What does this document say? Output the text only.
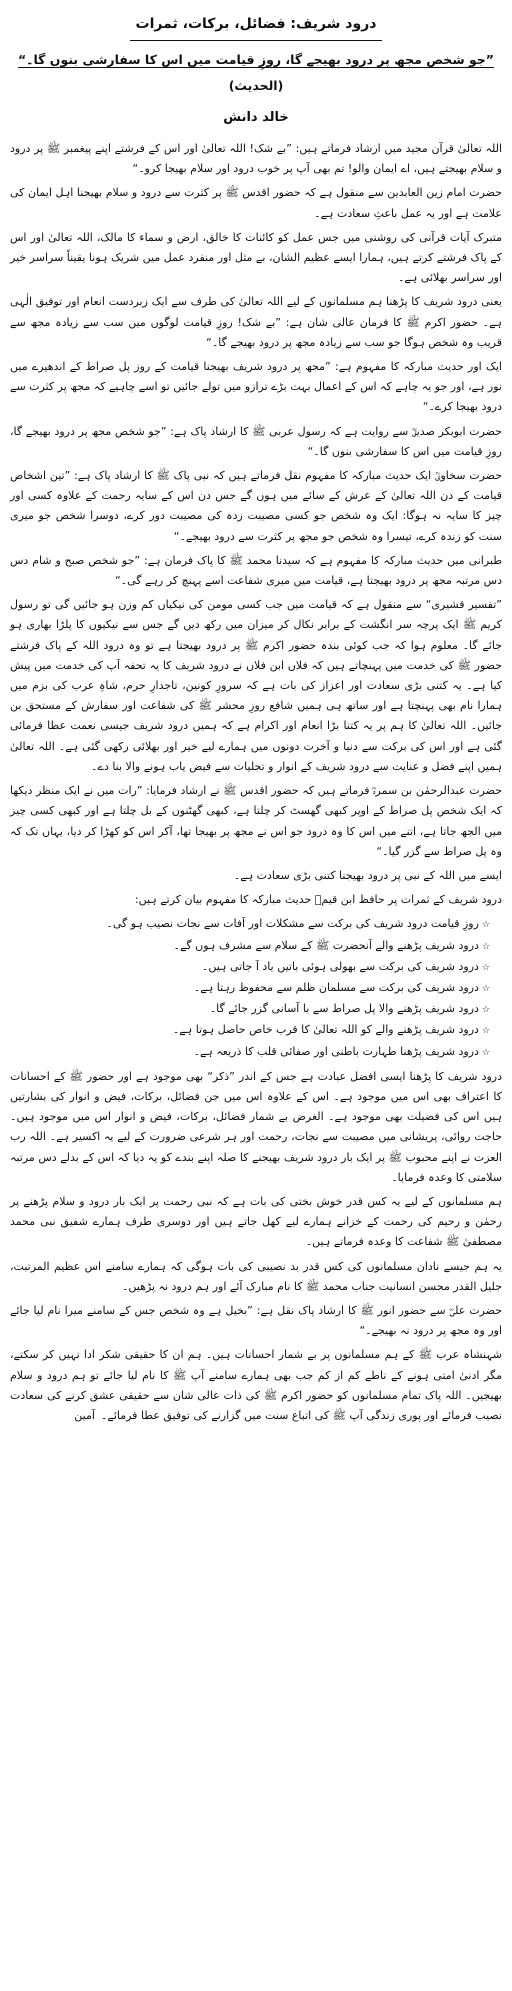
درود شریف: فضائل، برکات، ثمرات
”جو شخص مجھ پر درود بھیجے گا، روزِ قیامت میں اس کا سفارشی بنوں گا۔“ (الحدیث)
خالد دانش

اللہ تعالیٰ قرآن مجید میں ارشاد فرماتے ہیں: ”بے شک! اللہ تعالیٰ اور اس کے فرشتے اپنے پیغمبر ﷺ پر درود و سلام بھیجتے ہیں، اے ایمان والو! تم بھی آپ پر خوب درود اور سلام بھیجا کرو۔“

حضرت امام زین العابدین سے منقول ہے کہ حضور اقدس ﷺ پر کثرت سے درود و سلام بھیجنا اہل ایمان کی علامت ہے اور یہ عمل باعثِ سعادت ہے۔

متبرک آیات قرآنی کی روشنی میں جس عمل کو کائنات کا خالق، ارض و سماء کا مالک، اللہ تعالیٰ اور اس کے پاک فرشتے کرتے ہیں، ہمارا ایسے عظیم الشان، بے مثل اور منفرد عمل میں شریک ہونا یقیناً سراسر خیر اور سراسر بھلائی ہے۔

یعنی درود شریف کا پڑھنا ہم مسلمانوں کے لیے اللہ تعالیٰ کی طرف سے ایک زبردست انعام اور توفیق الٰہی ہے۔ حضور اکرم ﷺ کا فرمان عالی شان ہے: ”بے شک! روزِ قیامت لوگوں میں سب سے زیادہ مجھ سے قریب وہ شخص ہوگا جو سب سے زیادہ مجھ پر درود بھیجے گا۔“

ایک اور حدیث مبارکہ کا مفہوم ہے: ”مجھ پر درود شریف بھیجنا قیامت کے روز پل صراط کے اندھیرے میں نور ہے، اور جو یہ چاہے کہ اس کے اعمال بہت بڑے ترازو میں تولے جائیں تو اسے چاہیے کہ مجھ پر کثرت سے درود بھیجا کرے۔“

حضرت ابوبکر صدیقؓ سے روایت ہے کہ رسول عربی ﷺ کا ارشاد پاک ہے: ”جو شخص مجھ پر درود بھیجے گا، روزِ قیامت میں اس کا سفارشی بنوں گا۔“

حضرت سخاویؒ ایک حدیث مبارکہ کا مفہوم نقل فرماتے ہیں کہ نبی پاک ﷺ کا ارشاد پاک ہے: ”تین اشخاص قیامت کے دن اللہ تعالیٰ کے عرش کے سائے میں ہوں گے جس دن اس کے سایہ رحمت کے علاوہ کسی اور چیز کا سایہ نہ ہوگا: ایک وہ شخص جو کسی مصیبت زدہ کی مصیبت دور کرے، دوسرا شخص جو میری سنت کو زندہ کرے، تیسرا وہ شخص جو مجھ پر کثرت سے درود بھیجے۔“

طبرانی میں حدیث مبارکہ کا مفہوم ہے کہ سیدنا محمد ﷺ کا پاک فرمان ہے: ”جو شخص صبح و شام دس دس مرتبہ مجھ پر درود بھیجتا ہے، قیامت میں میری شفاعت اسے پہنچ کر رہے گی۔“

”تفسیر قشیری“ سے منقول ہے کہ قیامت میں جب کسی مومن کی نیکیاں کم وزن ہو جائیں گی تو رسول کریم ﷺ ایک پرچہ سر انگشت کے برابر نکال کر میزان میں رکھ دیں گے جس سے نیکیوں کا پلڑا بھاری ہو جائے گا۔ معلوم ہوا کہ جب کوئی بندہ حضور اکرم ﷺ پر درود بھیجتا ہے تو وہ درود اللہ کے پاک فرشتے حضور ﷺ کی خدمت میں پہنچاتے ہیں کہ فلاں ابن فلاں نے درود شریف کا یہ تحفہ آپ کی خدمت میں پیش کیا ہے۔ یہ کتنی بڑی سعادت اور اعزاز کی بات ہے کہ سرورِ کونین، تاجدارِ حرم، شاہِ عرب کی بزم میں ہمارا نام بھی پہنچتا ہے اور ساتھ ہی ہمیں شافع روزِ محشر ﷺ کی شفاعت اور سفارش کے مستحق بن جائیں۔ اللہ تعالیٰ کا ہم پر یہ کتنا بڑا انعام اور اکرام ہے کہ ہمیں درود شریف جیسی نعمت عطا فرمائی گئی ہے اور اس کی برکت سے دنیا و آخرت دونوں میں ہمارے لیے خیر اور بھلائی رکھی گئی ہے۔ اللہ تعالیٰ ہمیں اپنے فضل و عنایت سے درود شریف کے انوار و تجلیات سے فیض یاب ہونے والا بنا دے۔

حضرت عبدالرحمٰن بن سمرہؓ فرماتے ہیں کہ حضور اقدس ﷺ نے ارشاد فرمایا: ”رات میں نے ایک منظر دیکھا کہ ایک شخص پل صراط کے اوپر کبھی گھسٹ کر چلتا ہے، کبھی گھٹنوں کے بل چلتا ہے اور کبھی کسی چیز میں الجھ جاتا ہے، اتنے میں اس کا وہ درود جو اس نے مجھ پر بھیجا تھا، آکر اس کو کھڑا کر دیا، یہاں تک کہ وہ پل صراط سے گزر گیا۔“

ایسے میں اللہ کے نبی پر درود بھیجنا کتنی بڑی سعادت ہے۔

درود شریف کے ثمرات پر حافظ ابن قیمؒ حدیث مبارکہ کا مفہوم بیان کرتے ہیں:

☆روزِ قیامت درود شریف کی برکت سے مشکلات اور آفات سے نجات نصیب ہو گی۔
☆درود شریف پڑھنے والے آنحضرت ﷺ کے سلام سے مشرف ہوں گے۔
☆درود شریف کی برکت سے بھولی ہوئی باتیں یاد آ جاتی ہیں۔
☆درود شریف کی برکت سے مسلمان ظلم سے محفوظ رہتا ہے۔
☆درود شریف پڑھنے والا پل صراط سے با آسانی گزر جائے گا۔
☆درود شریف پڑھنے والے کو اللہ تعالیٰ کا قرب خاص حاصل ہوتا ہے۔
☆درود شریف پڑھنا طہارت باطنی اور صفائی قلب کا ذریعہ ہے۔

درود شریف کا پڑھنا ایسی افضل عبادت ہے جس کے اندر ”ذکر“ بھی موجود ہے اور حضور ﷺ کے احسانات کا اعتراف بھی اس میں موجود ہے۔ اس کے علاوہ اس میں جن فضائل، برکات، فیض و انوار کی بشارتیں ہیں اس کی فضیلت بھی موجود ہے۔ الغرض بے شمار فضائل، برکات، فیض و انوار اس میں موجود ہیں۔ حاجت روائی، پریشانی میں مصیبت سے نجات، رحمت اور ہر شرعی ضرورت کے لیے یہ اکسیر ہے۔ اللہ رب العزت نے اپنے محبوب ﷺ پر ایک بار درود شریف بھیجنے کا صلہ اپنے بندے کو یہ دیا کہ اس کے بدلے دس مرتبہ سلامتی کا وعدہ فرمایا۔

ہم مسلمانوں کے لیے یہ کس قدر خوش بختی کی بات ہے کہ نبی رحمت پر ایک بار درود و سلام پڑھنے پر رحمٰن و رحیم کی رحمت کے خزانے ہمارے لیے کھل جاتے ہیں اور دوسری طرف ہمارے شفیق نبی محمد مصطفیٰ ﷺ شفاعت کا وعدہ فرماتے ہیں۔

یہ ہم جیسے نادان مسلمانوں کی کس قدر بد نصیبی کی بات ہوگی کہ ہمارے سامنے اس عظیم المرتبت، جلیل القدر محسن انسانیت جناب محمد ﷺ کا نام مبارک آئے اور ہم درود نہ پڑھیں۔

حضرت علیؓ سے حضور انور ﷺ کا ارشاد پاک نقل ہے: ”بخیل ہے وہ شخص جس کے سامنے میرا نام لیا جائے اور وہ مجھ پر درود نہ بھیجے۔“

شہنشاہ عرب ﷺ کے ہم مسلمانوں پر بے شمار احسانات ہیں۔ ہم ان کا حقیقی شکر ادا نہیں کر سکتے، مگر ادنیٰ امتی ہونے کے ناطے کم از کم جب بھی ہمارے سامنے آپ ﷺ کا نام لیا جائے تو ہم درود و سلام بھیجیں۔ اللہ پاک تمام مسلمانوں کو حضور اکرم ﷺ کی ذات عالی شان سے حقیقی عشق کرنے کی سعادت نصیب فرمائے اور پوری زندگی آپ ﷺ کی اتباع سنت میں گزارنے کی توفیق عطا فرمائے۔آمین
